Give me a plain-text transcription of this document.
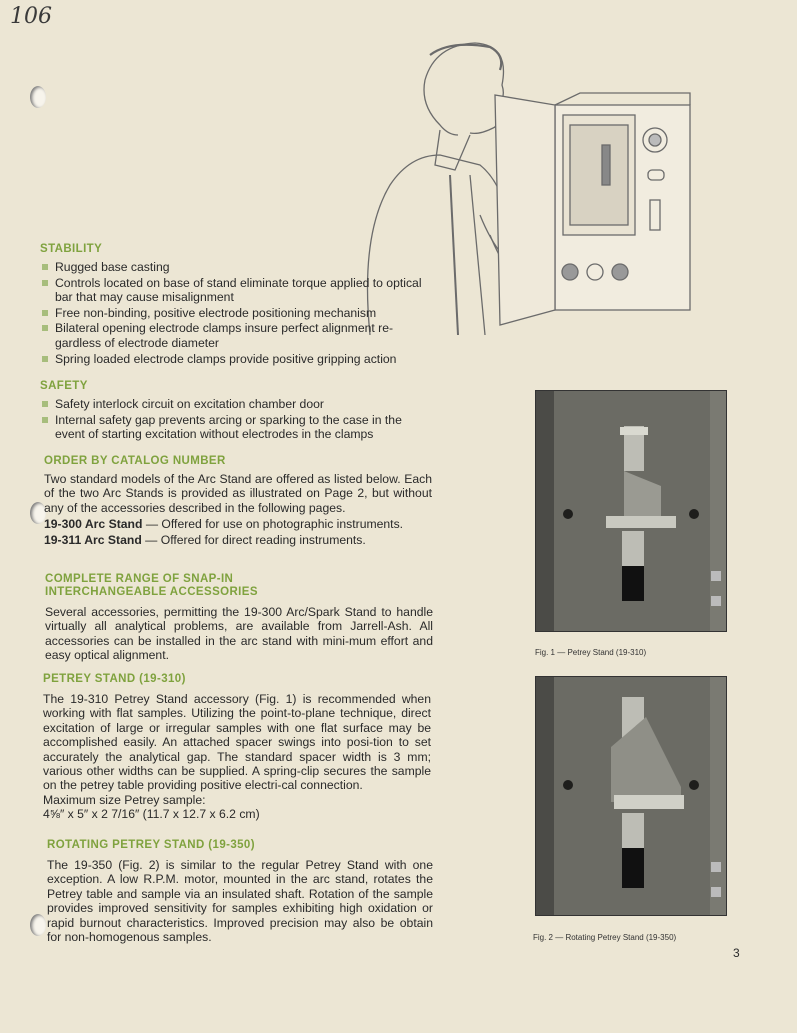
106
STABILITY
Rugged base casting
Controls located on base of stand eliminate torque applied to optical bar that may cause misalignment
Free non-binding, positive electrode positioning mechanism
Bilateral opening electrode clamps insure perfect alignment re-gardless of electrode diameter
Spring loaded electrode clamps provide positive gripping action
SAFETY
Safety interlock circuit on excitation chamber door
Internal safety gap prevents arcing or sparking to the case in the event of starting excitation without electrodes in the clamps
ORDER BY CATALOG NUMBER

Two standard models of the Arc Stand are offered as listed below. Each of the two Arc Stands is provided as illustrated on Page 2, but without any of the accessories described in the following pages.

19-300 Arc Stand — Offered for use on photographic instruments.
19-311 Arc Stand — Offered for direct reading instruments.
COMPLETE RANGE OF SNAP-IN
INTERCHANGEABLE ACCESSORIES

Several accessories, permitting the 19-300 Arc/Spark Stand to handle virtually all analytical problems, are available from Jarrell-Ash. All accessories can be installed in the arc stand with mini-mum effort and easy optical alignment.

PETREY STAND (19-310)

The 19-310 Petrey Stand accessory (Fig. 1) is recommended when working with flat samples. Utilizing the point-to-plane technique, direct excitation of large or irregular samples with one flat surface may be accomplished easily. An attached spacer swings into posi-tion to set accurately the analytical gap. The standard spacer width is 3 mm; various other widths can be supplied. A spring-clip secures the sample on the petrey table providing positive electri-cal connection.

Maximum size Petrey sample:

4⅝″ x 5″ x 2 7/16″ (11.7 x 12.7 x 6.2 cm)

ROTATING PETREY STAND (19-350)

The 19-350 (Fig. 2) is similar to the regular Petrey Stand with one exception. A low R.P.M. motor, mounted in the arc stand, rotates the Petrey table and sample via an insulated shaft. Rotation of the sample provides improved sensitivity for samples exhibiting high oxidation or rapid burnout characteristics. Improved precision may also be obtain for non-homogenous samples.

Fig. 1 — Petrey Stand (19-310)
Fig. 2 — Rotating Petrey Stand (19-350)
3
